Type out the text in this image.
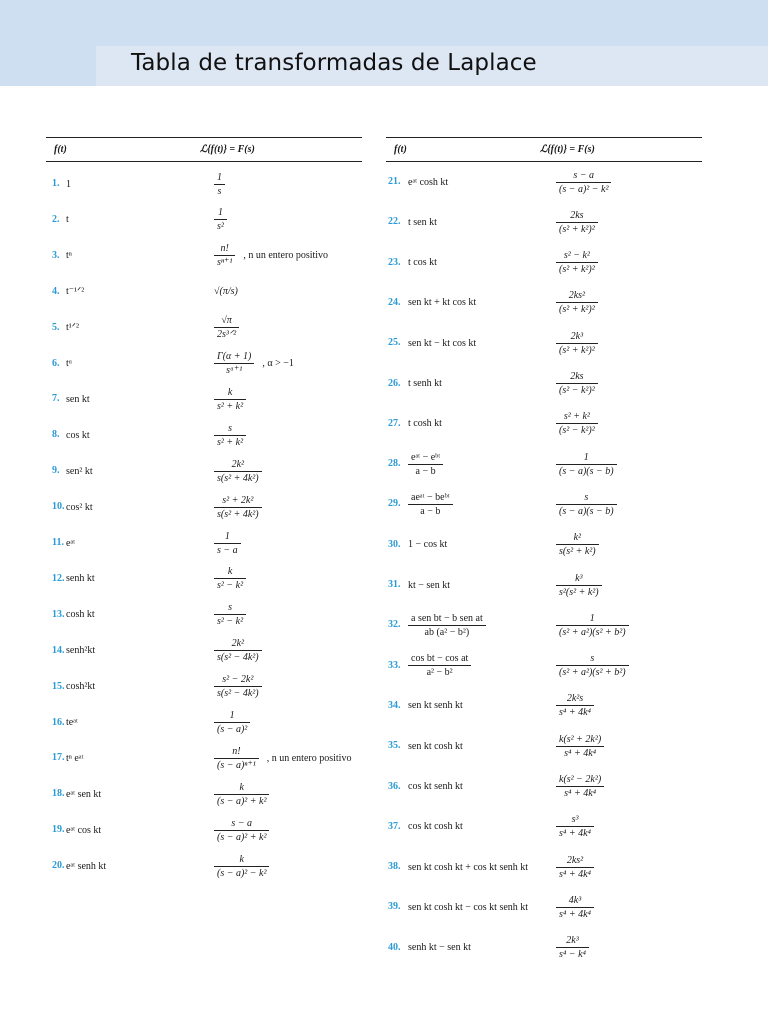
Tabla de transformadas de Laplace
f(t)	ℒ{f(t)} = F(s)
1. 1	$\frac{1}{s}$
2. t	$\frac{1}{\text{s²}}$
3. tⁿ	$\frac{n!}{\text{sⁿ⁺¹}}$ , n un entero positivo
4. t⁻¹ᐟ²	√(π/s)
5. t¹ᐟ²	$\frac{√\pi}{\text{2s³ᐟ²}}$
6. tᵅ	$\frac{\Gamma(\alpha + 1)}{\text{sᵅ⁺¹}}$ , α > −1
7. sen kt	$\frac{k}{\text{s² + k²}}$
8. cos kt	$\frac{s}{\text{s² + k²}}$
9. sen² kt	$\frac{\text{2k²}}{\text{s(s² + 4k²)}}$
10. cos² kt	$\frac{\text{s² + 2k²}}{\text{s(s² + 4k²)}}$
11. eᵃᵗ	$\frac{1}{s - a}$
12. senh kt	$\frac{k}{\text{s² − k²}}$
13. cosh kt	$\frac{s}{\text{s² − k²}}$
14. senh²kt	$\frac{\text{2k²}}{\text{s(s² − 4k²)}}$
15. cosh²kt	$\frac{\text{s² − 2k²}}{\text{s(s² − 4k²)}}$
16. teᵃᵗ	$\frac{1}{\text{(s − a)²}}$
17. tⁿ eᵃᵗ	$\frac{n!}{\text{(s − a)ⁿ⁺¹}}$ , n un entero positivo
18. eᵃᵗ sen kt	$\frac{k}{\text{(s − a)² + k²}}$
19. eᵃᵗ cos kt	$\frac{s - a}{\text{(s − a)² + k²}}$
20. eᵃᵗ senh kt	$\frac{k}{\text{(s − a)² − k²}}$
f(t)	ℒ{f(t)} = F(s)
21. eᵃᵗ cosh kt	$\frac{s - a}{\text{(s − a)² − k²}}$
22. t sen kt	$\frac{2ks}{\text{(s² + k²)²}}$
23. t cos kt	$\frac{\text{s² − k²}}{\text{(s² + k²)²}}$
24. sen kt + kt cos kt	$\frac{\text{2ks²}}{\text{(s² + k²)²}}$
25. sen kt − kt cos kt	$\frac{\text{2k³}}{\text{(s² + k²)²}}$
26. t senh kt	$\frac{2ks}{\text{(s² − k²)²}}$
27. t cosh kt	$\frac{\text{s² + k²}}{\text{(s² − k²)²}}$
28. $\frac{\text{eᵃᵗ − eᵇᵗ}}{a - b}$	$\frac{1}{(s - a)(s - b)}$
29. $\frac{\text{aeᵃᵗ − beᵇᵗ}}{a - b}$	$\frac{s}{(s - a)(s - b)}$
30. 1 − cos kt	$\frac{\text{k²}}{\text{s(s² + k²)}}$
31. kt − sen kt	$\frac{\text{k³}}{\text{s²(s² + k²)}}$
32. $\frac{\text{a sen bt − b sen at}}{\text{ab (a² − b²)}}$	$\frac{1}{\text{(s² + a²)(s² + b²)}}$
33. $\frac{\text{cos bt − cos at}}{\text{a² − b²}}$	$\frac{s}{\text{(s² + a²)(s² + b²)}}$
34. sen kt senh kt	$\frac{\text{2k²s}}{\text{s⁴ + 4k⁴}}$
35. sen kt cosh kt	$\frac{\text{k(s² + 2k²)}}{\text{s⁴ + 4k⁴}}$
36. cos kt senh kt	$\frac{\text{k(s² − 2k²)}}{\text{s⁴ + 4k⁴}}$
37. cos kt cosh kt	$\frac{\text{s³}}{\text{s⁴ + 4k⁴}}$
38. sen kt cosh kt + cos kt senh kt	$\frac{\text{2ks²}}{\text{s⁴ + 4k⁴}}$
39. sen kt cosh kt − cos kt senh kt	$\frac{\text{4k³}}{\text{s⁴ + 4k⁴}}$
40. senh kt − sen kt	$\frac{\text{2k³}}{\text{s⁴ − k⁴}}$
